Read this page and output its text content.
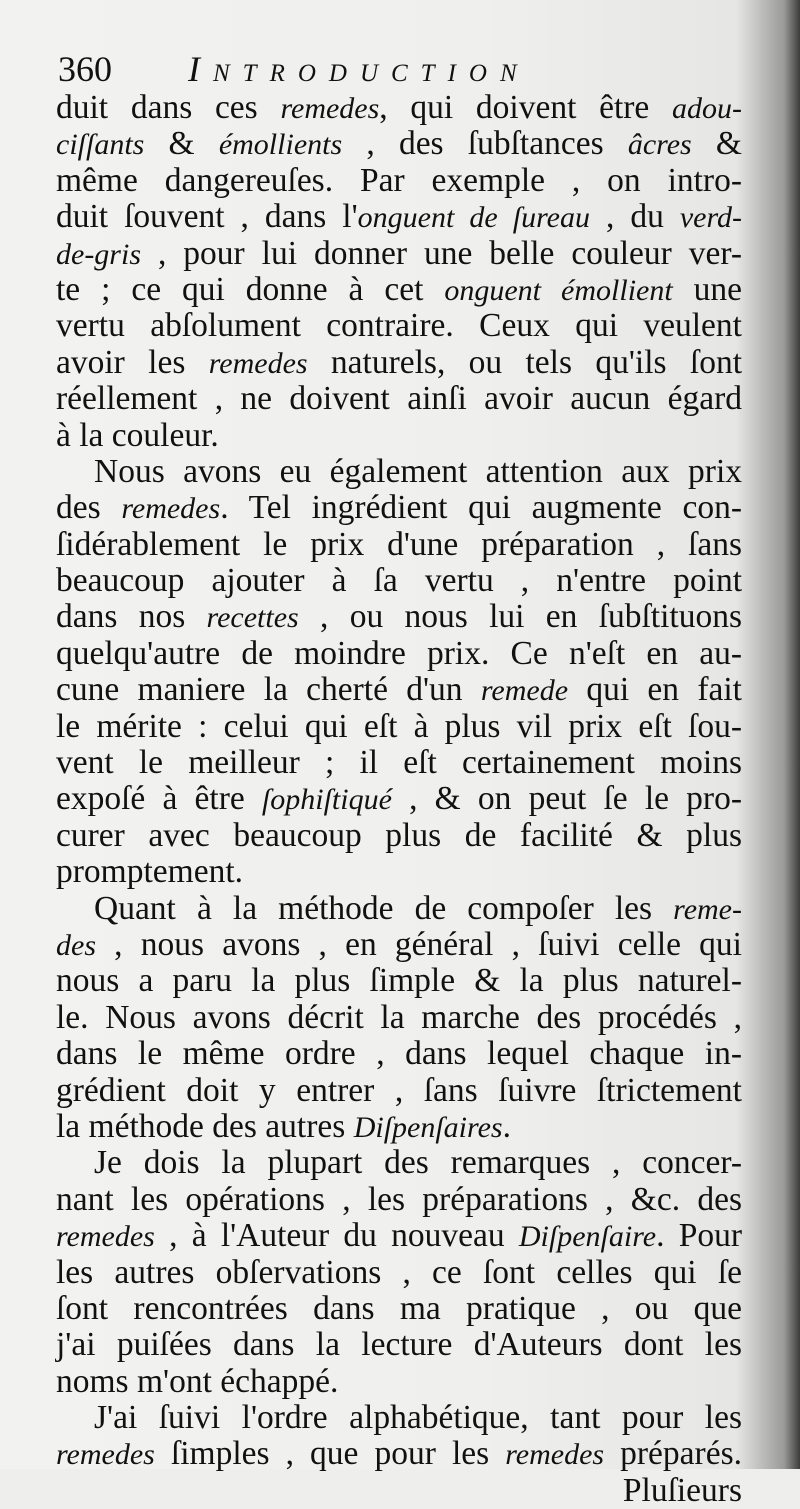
360 Introduction
duit dans ces remedes, qui doivent être adou-
ciſſants & émollients , des ſubſtances âcres &
même dangereuſes. Par exemple , on intro-
duit ſouvent , dans l'onguent de ſureau , du verd-
de-gris , pour lui donner une belle couleur ver-
te ; ce qui donne à cet onguent émollient une
vertu abſolument contraire. Ceux qui veulent
avoir les remedes naturels, ou tels qu'ils ſont
réellement , ne doivent ainſi avoir aucun égard
à la couleur.
Nous avons eu également attention aux prix
des remedes. Tel ingrédient qui augmente con-
ſidérablement le prix d'une préparation , ſans
beaucoup ajouter à ſa vertu , n'entre point
dans nos recettes , ou nous lui en ſubſtituons
quelqu'autre de moindre prix. Ce n'eſt en au-
cune maniere la cherté d'un remede qui en fait
le mérite : celui qui eſt à plus vil prix eſt ſou-
vent le meilleur ; il eſt certainement moins
expoſé à être ſophiſtiqué , & on peut ſe le pro-
curer avec beaucoup plus de facilité & plus
promptement.
Quant à la méthode de compoſer les reme-
des , nous avons , en général , ſuivi celle qui
nous a paru la plus ſimple & la plus naturel-
le. Nous avons décrit la marche des procédés ,
dans le même ordre , dans lequel chaque in-
grédient doit y entrer , ſans ſuivre ſtrictement
la méthode des autres Diſpenſaires.
Je dois la plupart des remarques , concer-
nant les opérations , les préparations , &c. des
remedes , à l'Auteur du nouveau Diſpenſaire. Pour
les autres obſervations , ce ſont celles qui ſe
ſont rencontrées dans ma pratique , ou que
j'ai puiſées dans la lecture d'Auteurs dont les
noms m'ont échappé.
J'ai ſuivi l'ordre alphabétique, tant pour les
remedes ſimples , que pour les remedes préparés.
Pluſieurs
